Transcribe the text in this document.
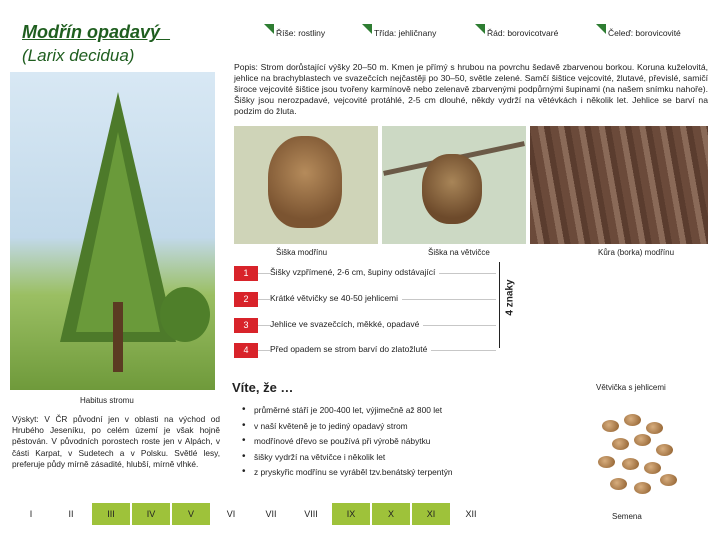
Modřín opadavý
(Larix decidua)
Říše: rostliny	Třída: jehličnany	Řád: borovicotvaré	Čeleď: borovicovité
Popis: Strom dorůstající výšky 20–50 m. Kmen je přímý s hrubou na povrchu šedavě zbarvenou borkou. Koruna kuželovitá, jehlice na brachyblastech ve svazečcích nejčastěji po 30–50, světle zelené. Samčí šištice vejcovité, žlutavé, převislé, samičí široce vejcovité šištice jsou tvořeny karmínově nebo zelenavě zbarvenými podpůrnými šupinami (na našem snímku nahoře). Šišky jsou nerozpadavé, vejcovité protáhlé, 2-5 cm dlouhé, někdy vydrží na větévkách i několik let. Jehlice se barví na podzim do žluta.
Šiška modřínu	Šiška na větvičce	Kůra (borka) modřínu
1	Šišky vzpřímené, 2-6 cm, šupiny odstávající
2	Krátké větvičky se 40-50 jehlicemi
3	Jehlice ve svazečcích, měkké, opadavé
4	Před opadem se strom barví do zlatožluté
4 znaky
Habitus stromu
Výskyt: V ČR původní jen v oblasti na východ od Hrubého Jeseníku, po celém území je však hojně pěstován. V původních porostech roste jen v Alpách, v části Karpat, v Sudetech a v Polsku. Světlé lesy, preferuje půdy mírně zásadité, hlubší, mírně vlhké.
Víte, že …
• průměrné stáří je 200-400 let, výjimečně až 800 let
• v naší květeně je to jediný opadavý strom
• modřínové dřevo se používá při výrobě nábytku
• šišky vydrží na větvičce i několik let
• z pryskyřic modřínu se vyráběl tzv.benátský terpentýn
Větvička s jehlicemi
Semena
I	II	III	IV	V	VI	VII	VIII	IX	X	XI	XII
